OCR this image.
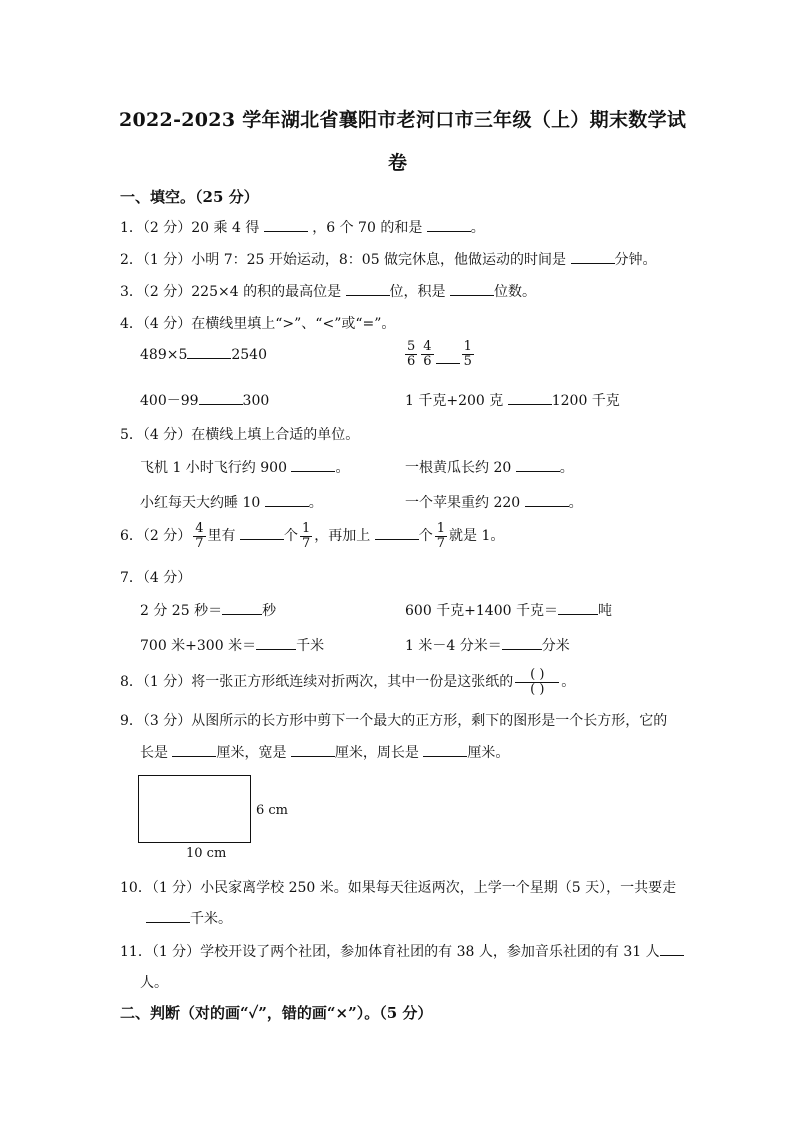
2022-2023 学年湖北省襄阳市老河口市三年级（上）期末数学试
卷
一、填空。（25 分）
1．（2 分）20 乘 4 得	，6 个 70 的和是	。
2．（1 分）小明 7：25 开始运动，8：05 做完休息，他做运动的时间是	分钟。
3．（2 分）225×4 的积的最高位是	位，积是	位数。
4．（4 分）在横线里填上“>”、“<”或“=”。
489×5	2540	$\frac{5}{6} \frac{4}{6} \frac{1}{5}$
400－99	300	1 千克+200 克	1200 千克
5．（4 分）在横线上填上合适的单位。
飞机 1 小时飞行约 900	。	一根黄瓜长约 20	。
小红每天大约睡 10	。	一个苹果重约 220	。
6．（2 分） $\frac{4}{7}$ 里有	个 $\frac{1}{7}$ ，再加上	个 $\frac{1}{7}$ 就是 1。
7．（4 分）
2 分 25 秒＝	秒	600 千克+1400 千克＝	吨
700 米+300 米＝	千米	1 米－4 分米＝	分米
8．（1 分）将一张正方形纸连续对折两次，其中一份是这张纸的 $\frac{( )}{( )}$ 。
9．（3 分）从图所示的长方形中剪下一个最大的正方形，剩下的图形是一个长方形，它的
长是	厘米，宽是	厘米，周长是	厘米。
6 cm
10 cm
10．（1 分）小民家离学校 250 米。如果每天往返两次，上学一个星期（5 天），一共要走
千米。
11．（1 分）学校开设了两个社团，参加体育社团的有 38 人，参加音乐社团的有 31 人
人。
二、判断（对的画“✓”，错的画“×”）。（5 分）
